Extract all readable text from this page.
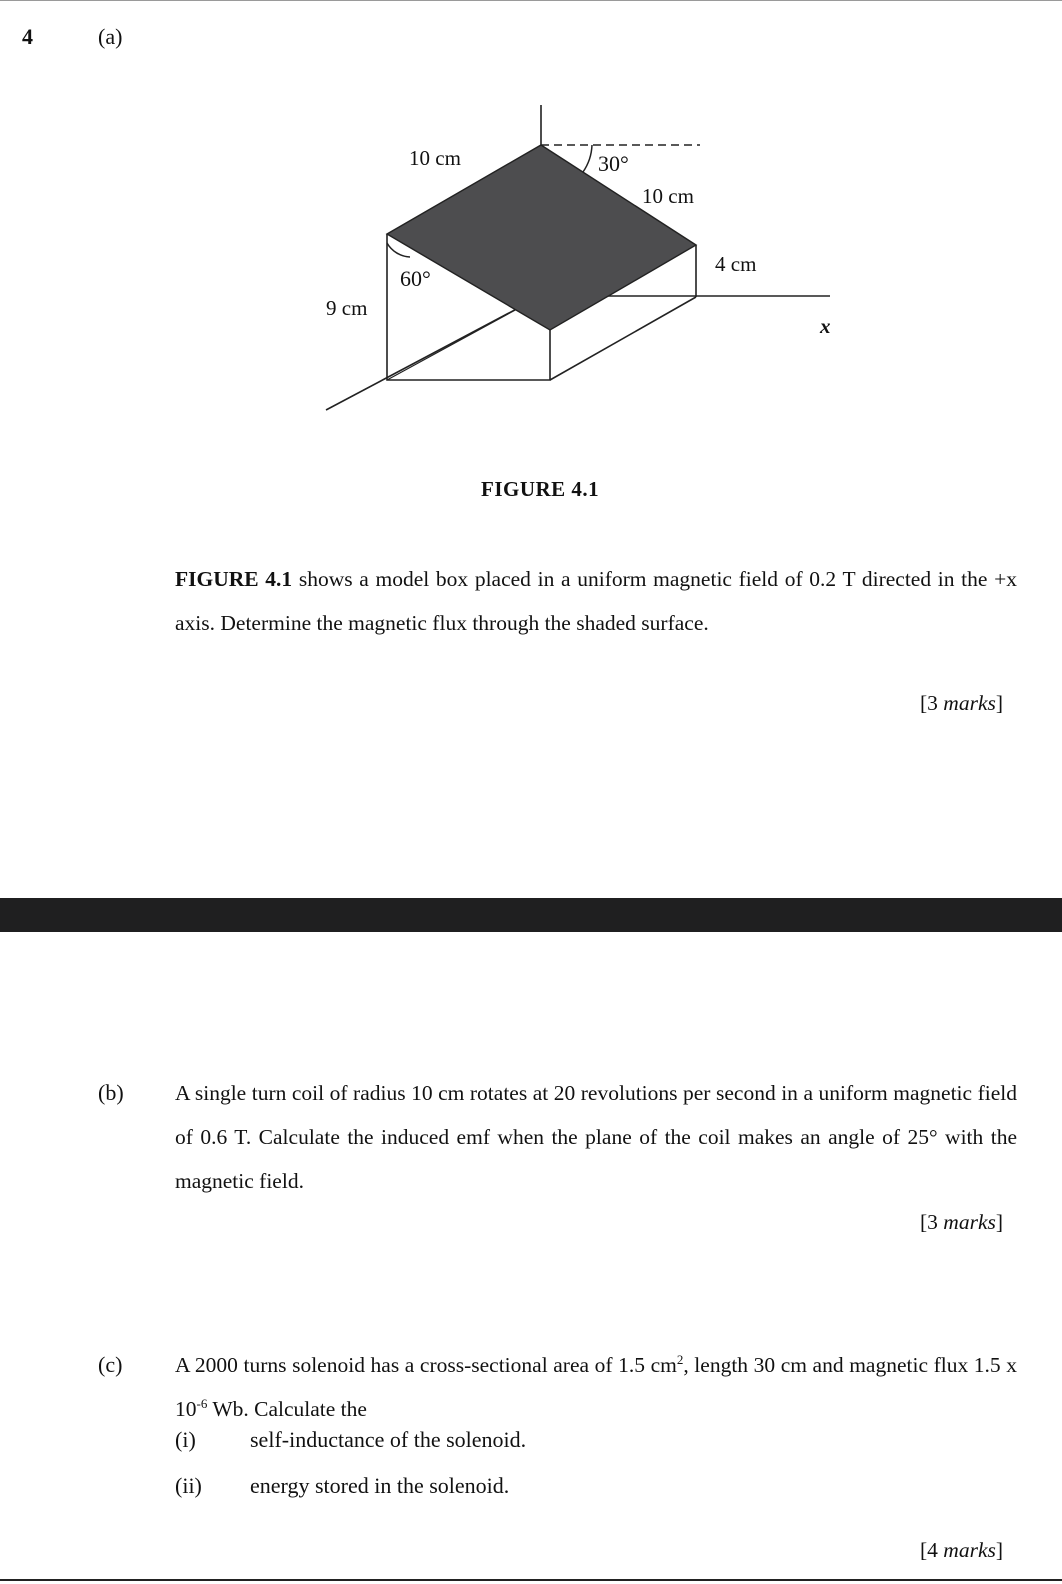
4	(a)
10 cm	30°
10 cm
60°
4 cm
9 cm
x
FIGURE 4.1
FIGURE 4.1 shows a model box placed in a uniform magnetic field of 0.2 T directed in the +x axis. Determine the magnetic flux through the shaded surface.
[3 marks]
(b) A single turn coil of radius 10 cm rotates at 20 revolutions per second in a uniform magnetic field of 0.6 T. Calculate the induced emf when the plane of the coil makes an angle of 25° with the magnetic field.
[3 marks]
(c) A 2000 turns solenoid has a cross-sectional area of 1.5 $cm^2$, length 30 cm and magnetic flux 1.5 x $10^{-6}$ Wb. Calculate the
(i) self-inductance of the solenoid.
(ii) energy stored in the solenoid.
[4 marks]
